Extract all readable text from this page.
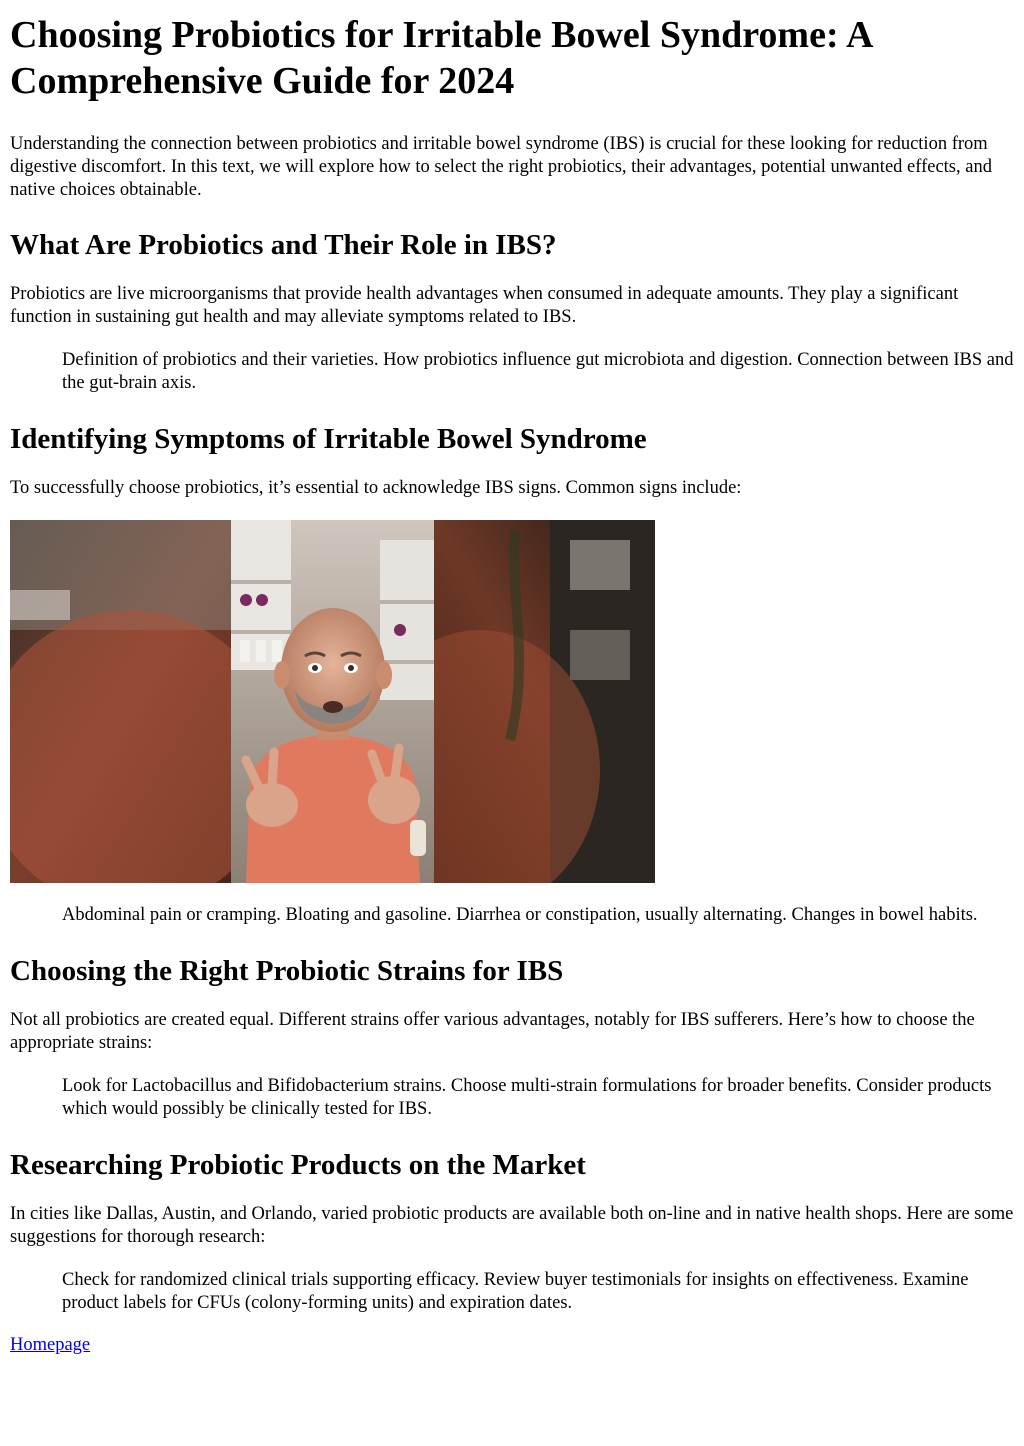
Choosing Probiotics for Irritable Bowel Syndrome: A Comprehensive Guide for 2024

Understanding the connection between probiotics and irritable bowel syndrome (IBS) is crucial for these looking for reduction from digestive discomfort. In this text, we will explore how to select the right probiotics, their advantages, potential unwanted effects, and native choices obtainable.

What Are Probiotics and Their Role in IBS?

Probiotics are live microorganisms that provide health advantages when consumed in adequate amounts. They play a significant function in sustaining gut health and may alleviate symptoms related to IBS.

Definition of probiotics and their varieties. How probiotics influence gut microbiota and digestion. Connection between IBS and the gut-brain axis.
Identifying Symptoms of Irritable Bowel Syndrome

To successfully choose probiotics, it’s essential to acknowledge IBS signs. Common signs include:

Abdominal pain or cramping. Bloating and gasoline. Diarrhea or constipation, usually alternating. Changes in bowel habits.
Choosing the Right Probiotic Strains for IBS

Not all probiotics are created equal. Different strains offer various advantages, notably for IBS sufferers. Here’s how to choose the appropriate strains:

Look for Lactobacillus and Bifidobacterium strains. Choose multi-strain formulations for broader benefits. Consider products which would possibly be clinically tested for IBS.
Researching Probiotic Products on the Market

In cities like Dallas, Austin, and Orlando, varied probiotic products are available both on-line and in native health shops. Here are some suggestions for thorough research:

Check for randomized clinical trials supporting efficacy. Review buyer testimonials for insights on effectiveness. Examine product labels for CFUs (colony-forming units) and expiration dates.
Homepage
